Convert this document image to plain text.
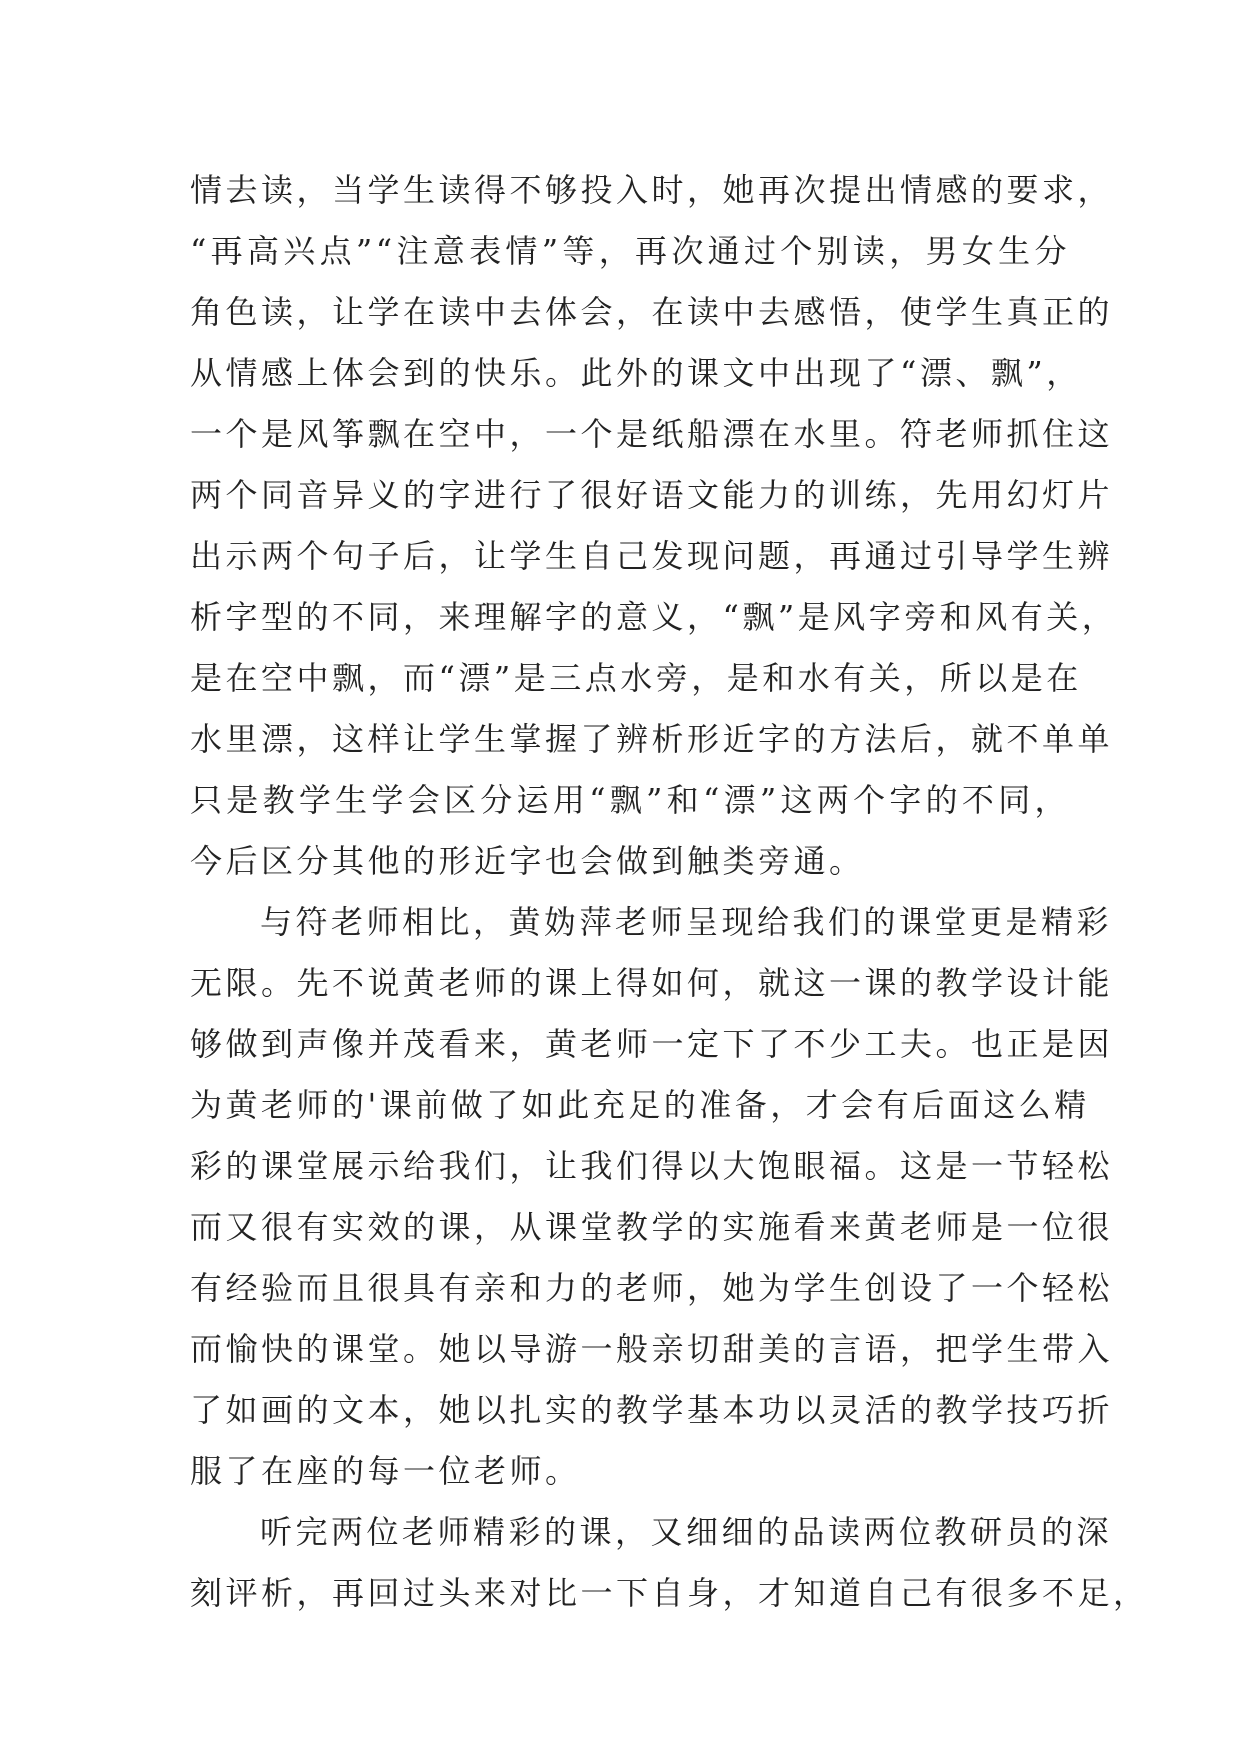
情去读，当学生读得不够投入时，她再次提出情感的要求，
“再高兴点”“注意表情”等，再次通过个别读，男女生分
角色读，让学在读中去体会，在读中去感悟，使学生真正的
从情感上体会到的快乐。此外的课文中出现了“漂、飘”，
一个是风筝飘在空中，一个是纸船漂在水里。符老师抓住这
两个同音异义的字进行了很好语文能力的训练，先用幻灯片
出示两个句子后，让学生自己发现问题，再通过引导学生辨
析字型的不同，来理解字的意义，“飘”是风字旁和风有关，
是在空中飘，而“漂”是三点水旁，是和水有关，所以是在
水里漂，这样让学生掌握了辨析形近字的方法后，就不单单
只是教学生学会区分运用“飘”和“漂”这两个字的不同，
今后区分其他的形近字也会做到触类旁通。
与符老师相比，黄妫萍老师呈现给我们的课堂更是精彩
无限。先不说黄老师的课上得如何，就这一课的教学设计能
够做到声像并茂看来，黄老师一定下了不少工夫。也正是因
为黄老师的'课前做了如此充足的准备，才会有后面这么精
彩的课堂展示给我们，让我们得以大饱眼福。这是一节轻松
而又很有实效的课，从课堂教学的实施看来黄老师是一位很
有经验而且很具有亲和力的老师，她为学生创设了一个轻松
而愉快的课堂。她以导游一般亲切甜美的言语，把学生带入
了如画的文本，她以扎实的教学基本功以灵活的教学技巧折
服了在座的每一位老师。
听完两位老师精彩的课，又细细的品读两位教研员的深
刻评析，再回过头来对比一下自身，才知道自己有很多不足，
